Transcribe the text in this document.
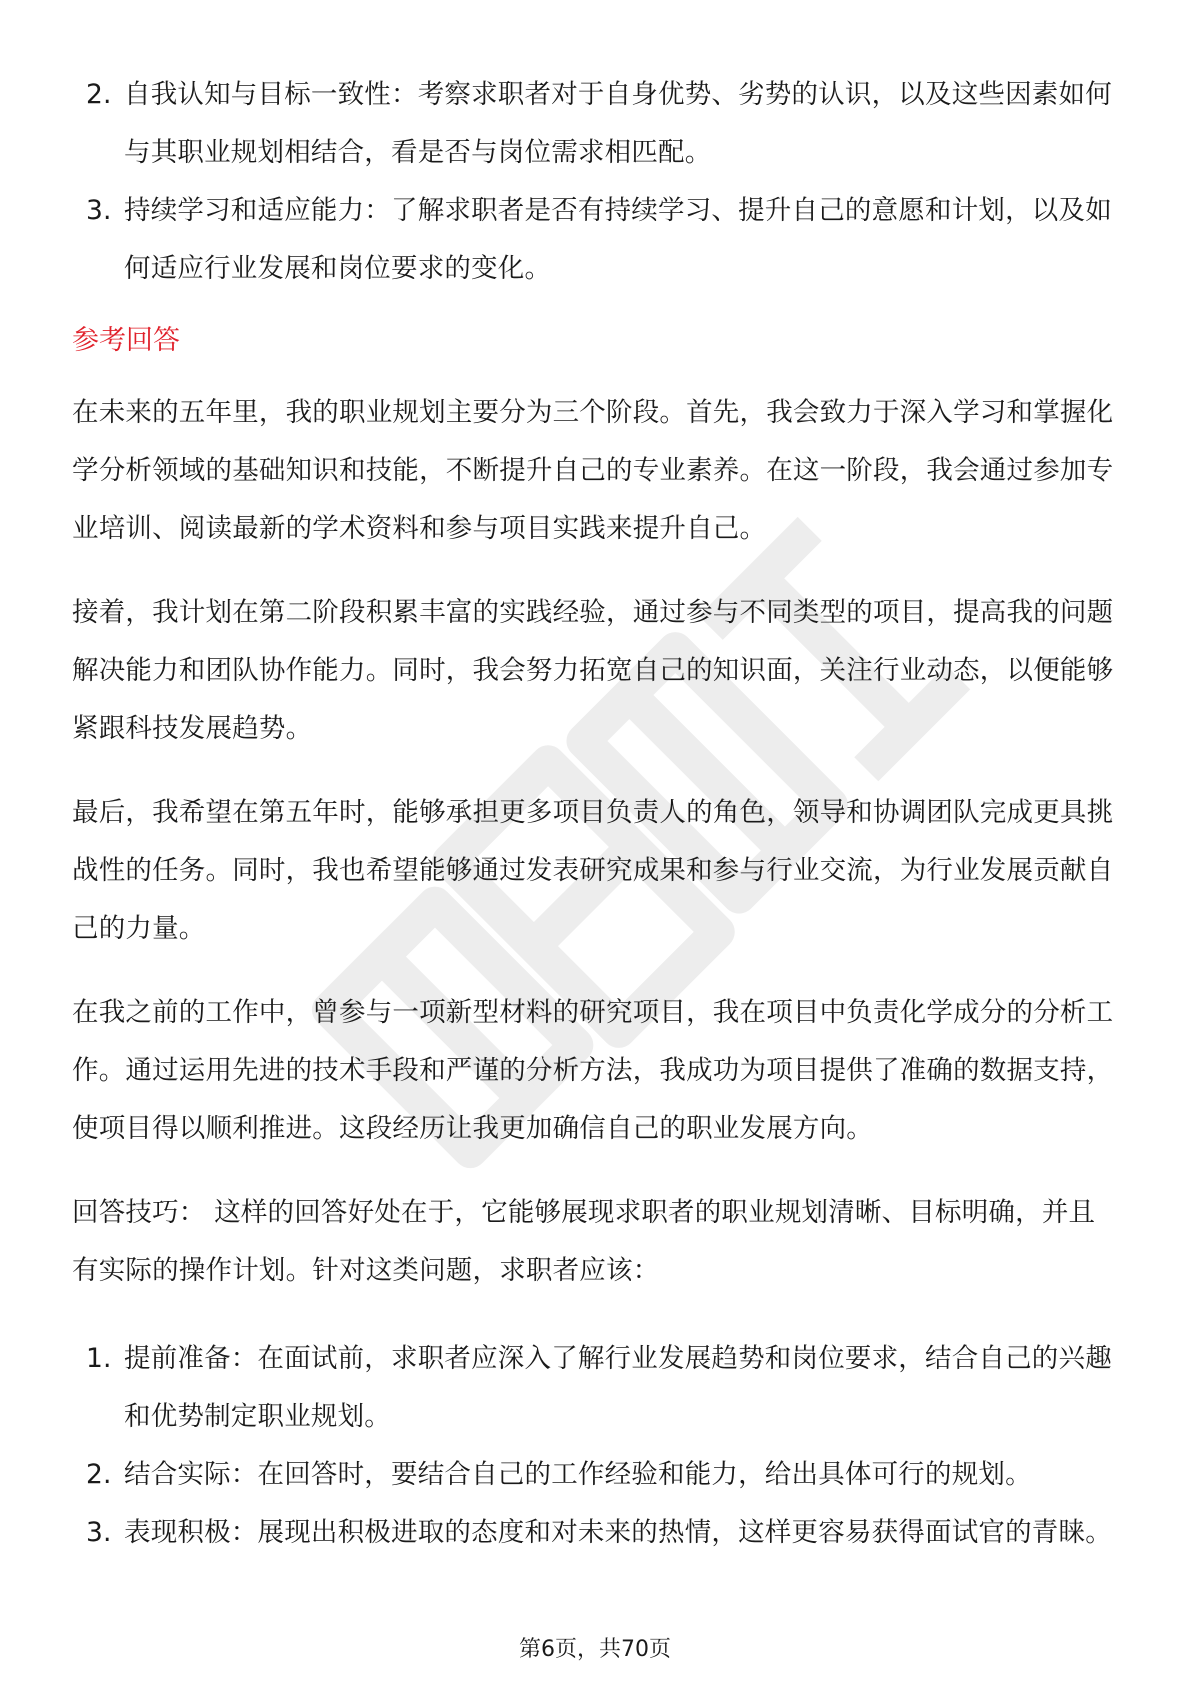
2. 自我认知与目标一致性：考察求职者对于自身优势、劣势的认识，以及这些因素如何与其职业规划相结合，看是否与岗位需求相匹配。
3. 持续学习和适应能力：了解求职者是否有持续学习、提升自己的意愿和计划，以及如何适应行业发展和岗位要求的变化。
参考回答

在未来的五年里，我的职业规划主要分为三个阶段。首先，我会致力于深入学习和掌握化学分析领域的基础知识和技能，不断提升自己的专业素养。在这一阶段，我会通过参加专业培训、阅读最新的学术资料和参与项目实践来提升自己。

接着，我计划在第二阶段积累丰富的实践经验，通过参与不同类型的项目，提高我的问题解决能力和团队协作能力。同时，我会努力拓宽自己的知识面，关注行业动态，以便能够紧跟科技发展趋势。

最后，我希望在第五年时，能够承担更多项目负责人的角色，领导和协调团队完成更具挑战性的任务。同时，我也希望能够通过发表研究成果和参与行业交流，为行业发展贡献自己的力量。

在我之前的工作中，曾参与一项新型材料的研究项目，我在项目中负责化学成分的分析工作。通过运用先进的技术手段和严谨的分析方法，我成功为项目提供了准确的数据支持，使项目得以顺利推进。这段经历让我更加确信自己的职业发展方向。

回答技巧： 这样的回答好处在于，它能够展现求职者的职业规划清晰、目标明确，并且有实际的操作计划。针对这类问题，求职者应该：

1. 提前准备：在面试前，求职者应深入了解行业发展趋势和岗位要求，结合自己的兴趣和优势制定职业规划。
2. 结合实际：在回答时，要结合自己的工作经验和能力，给出具体可行的规划。
3. 表现积极：展现出积极进取的态度和对未来的热情，这样更容易获得面试官的青睐。
第6页，共70页
